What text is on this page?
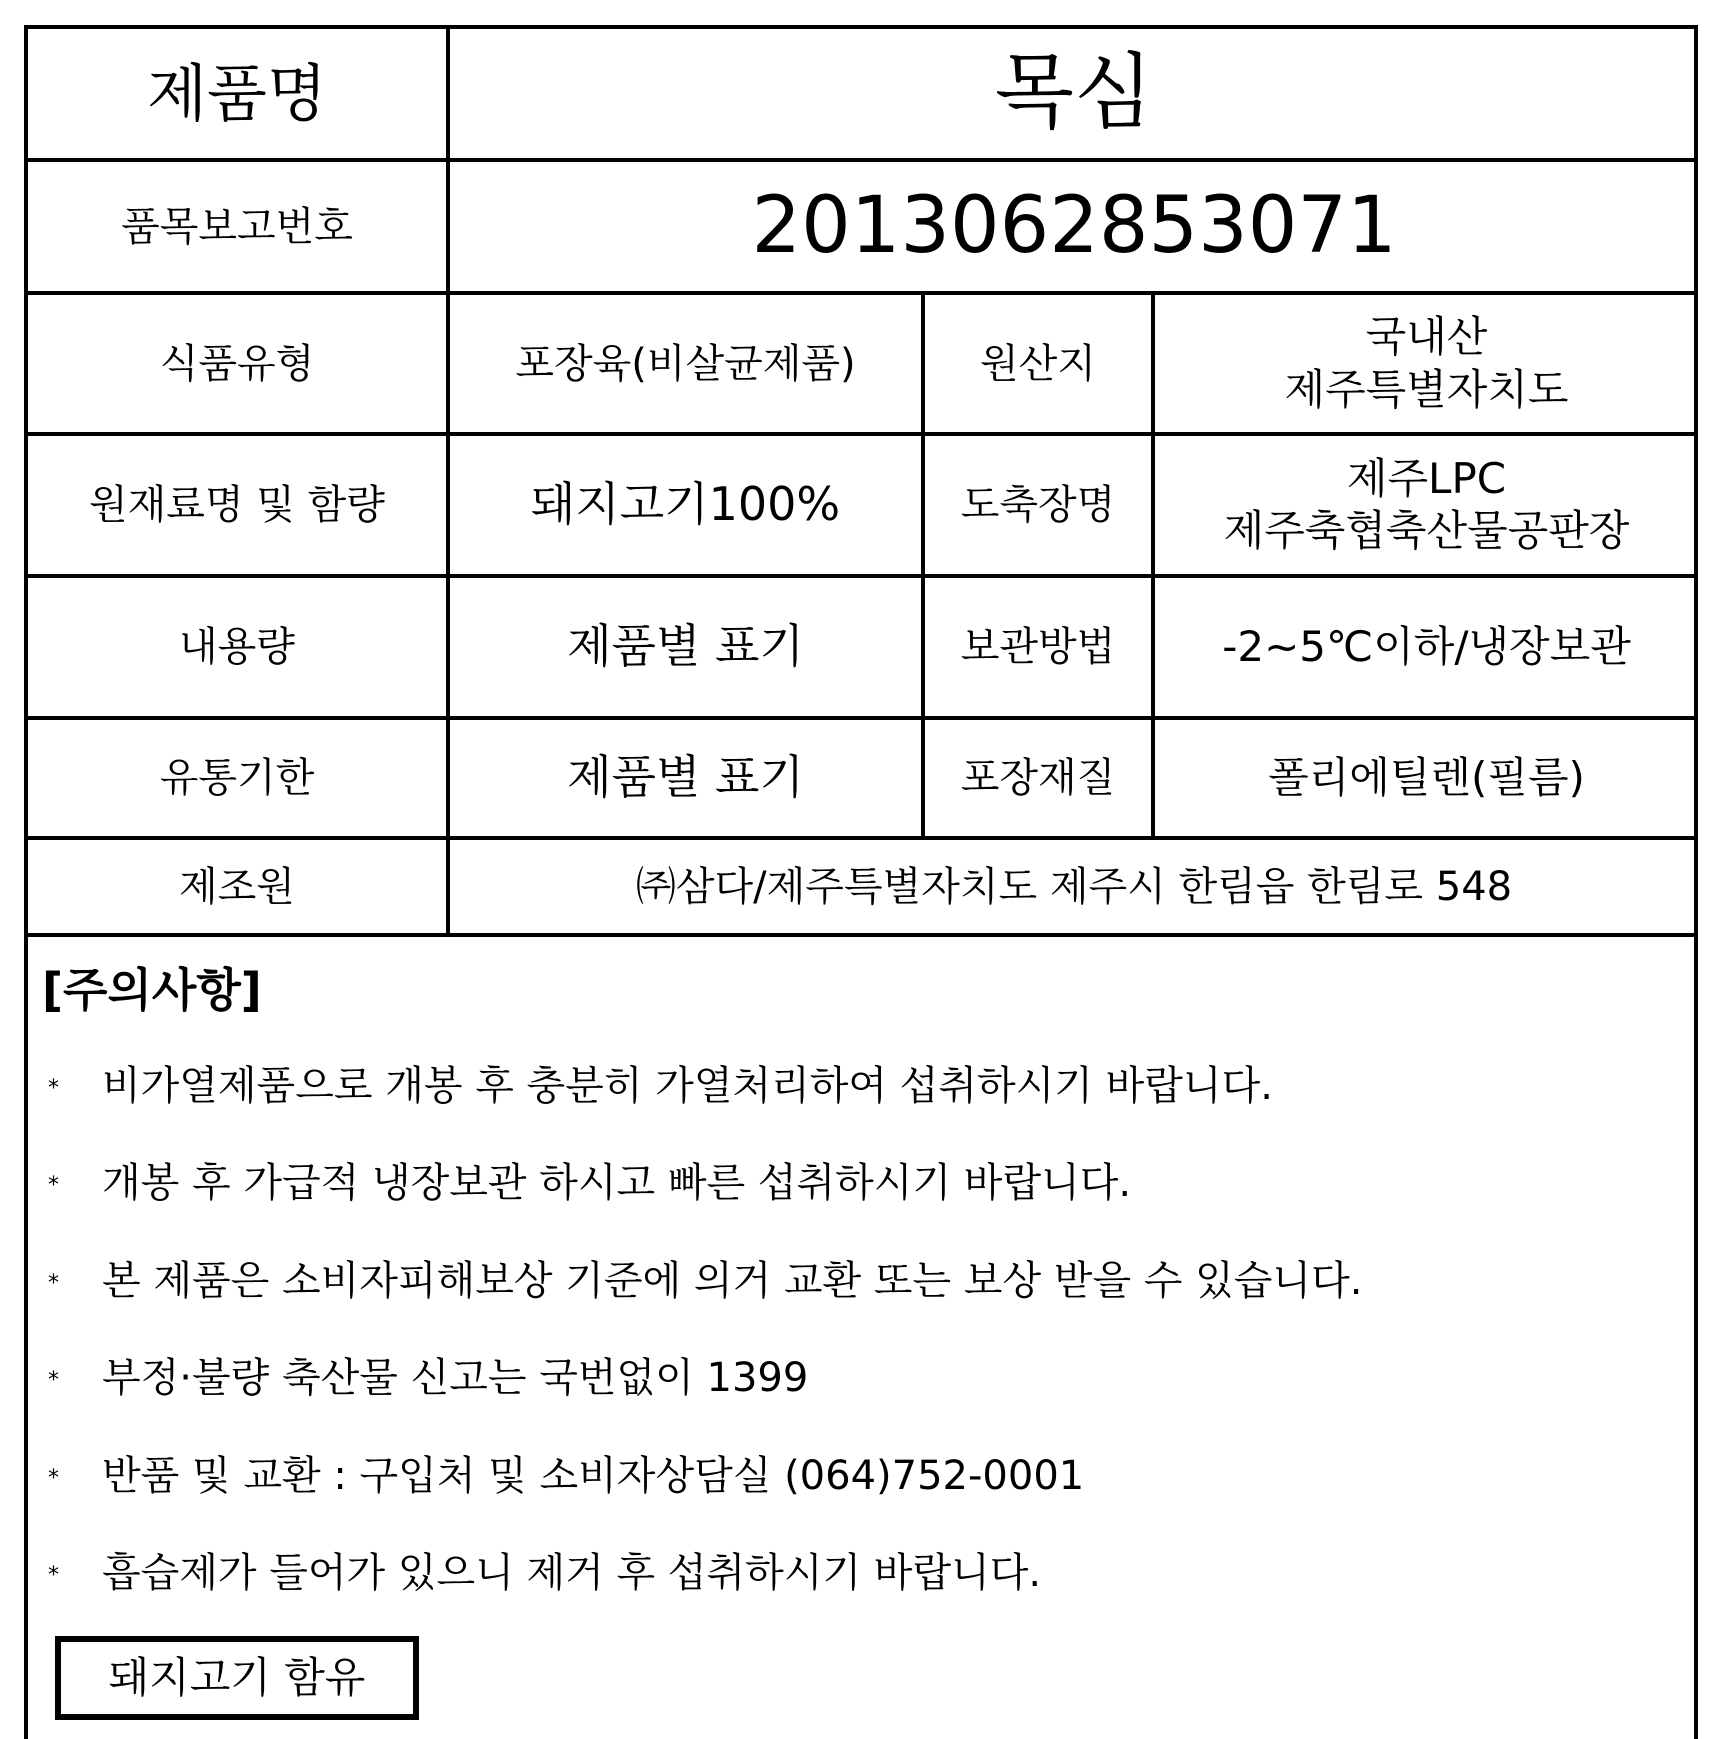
제품명	목심		
품목보고번호	2013062853071		
식품유형	포장육(비살균제품)	원산지	국내산
제주특별자치도

원재료명 및 함량	돼지고기100%	도축장명	제주LPC
제주축협축산물공판장

내용량	제품별 표기	보관방법	-2~5℃이하/냉장보관
유통기한	제품별 표기	포장재질	폴리에틸렌(필름)
제조원	㈜삼다/제주특별자치도 제주시 한림읍 한림로 548		
[주의사항]
* 비가열제품으로 개봉 후 충분히 가열처리하여 섭취하시기 바랍니다.
* 개봉 후 가급적 냉장보관 하시고 빠른 섭취하시기 바랍니다.
* 본 제품은 소비자피해보상 기준에 의거 교환 또는 보상 받을 수 있습니다.
* 부정·불량 축산물 신고는 국번없이 1399
* 반품 및 교환 : 구입처 및 소비자상담실 (064)752-0001
* 흡습제가 들어가 있으니 제거 후 섭취하시기 바랍니다.
돼지고기 함유
